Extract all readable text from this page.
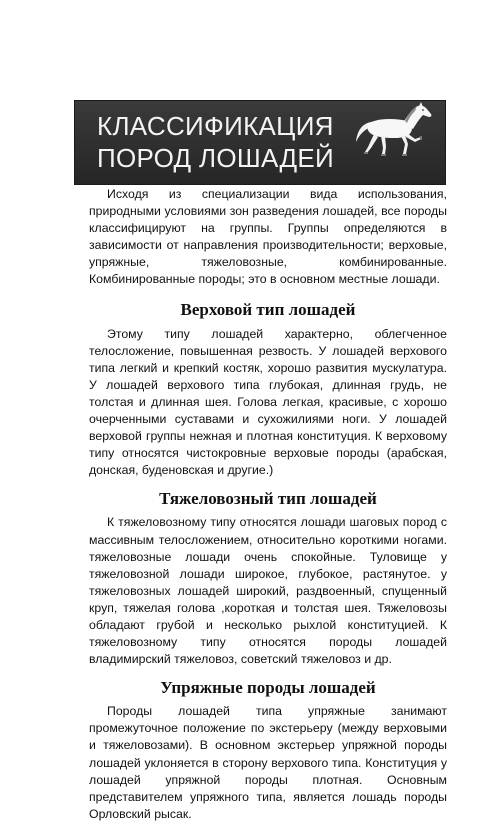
КЛАССИФИКАЦИЯ
ПОРОД ЛОШАДЕЙ

Исходя из специализации вида использования, природными условиями зон разведения лошадей, все породы классифицируют на группы. Группы определяются в зависимости от направления производительности; верховые, упряжные, тяжеловозные, комбинированные. Комбинированные породы; это в основном местные лошади.

Верховой тип лошадей

Этому типу лошадей характерно, облегченное телосложение, повышенная резвость. У лошадей верхового типа легкий и крепкий костяк, хорошо развития мускулатура. У лошадей верхового типа глубокая, длинная грудь, не толстая и длинная шея. Голова легкая, красивые, с хорошо очерченными суставами и сухожилиями ноги. У лошадей верховой группы нежная и плотная конституция. К верховому типу относятся чистокровные верховые породы (арабская, донская, буденовская и другие.)

Тяжеловозный тип лошадей

К тяжеловозному типу относятся лошади шаговых пород с массивным телосложением, относительно короткими ногами. тяжеловозные лошади очень спокойные. Туловище у тяжеловозной лошади широкое, глубокое, растянутое. у тяжеловозных лошадей широкий, раздвоенный, спущенный круп, тяжелая голова ,короткая и толстая шея. Тяжеловозы обладают грубой и несколько рыхлой конституцией. К тяжеловозному типу относятся породы лошадей владимирский тяжеловоз, советский тяжеловоз и др.

Упряжные породы лошадей

Породы лошадей типа упряжные занимают промежуточное положение по экстерьеру (между верховыми и тяжеловозами). В основном экстерьер упряжной породы лошадей уклоняется в сторону верхового типа. Конституция у лошадей упряжной породы плотная. Основным представителем упряжного типа, является лошадь породы Орловский рысак.
